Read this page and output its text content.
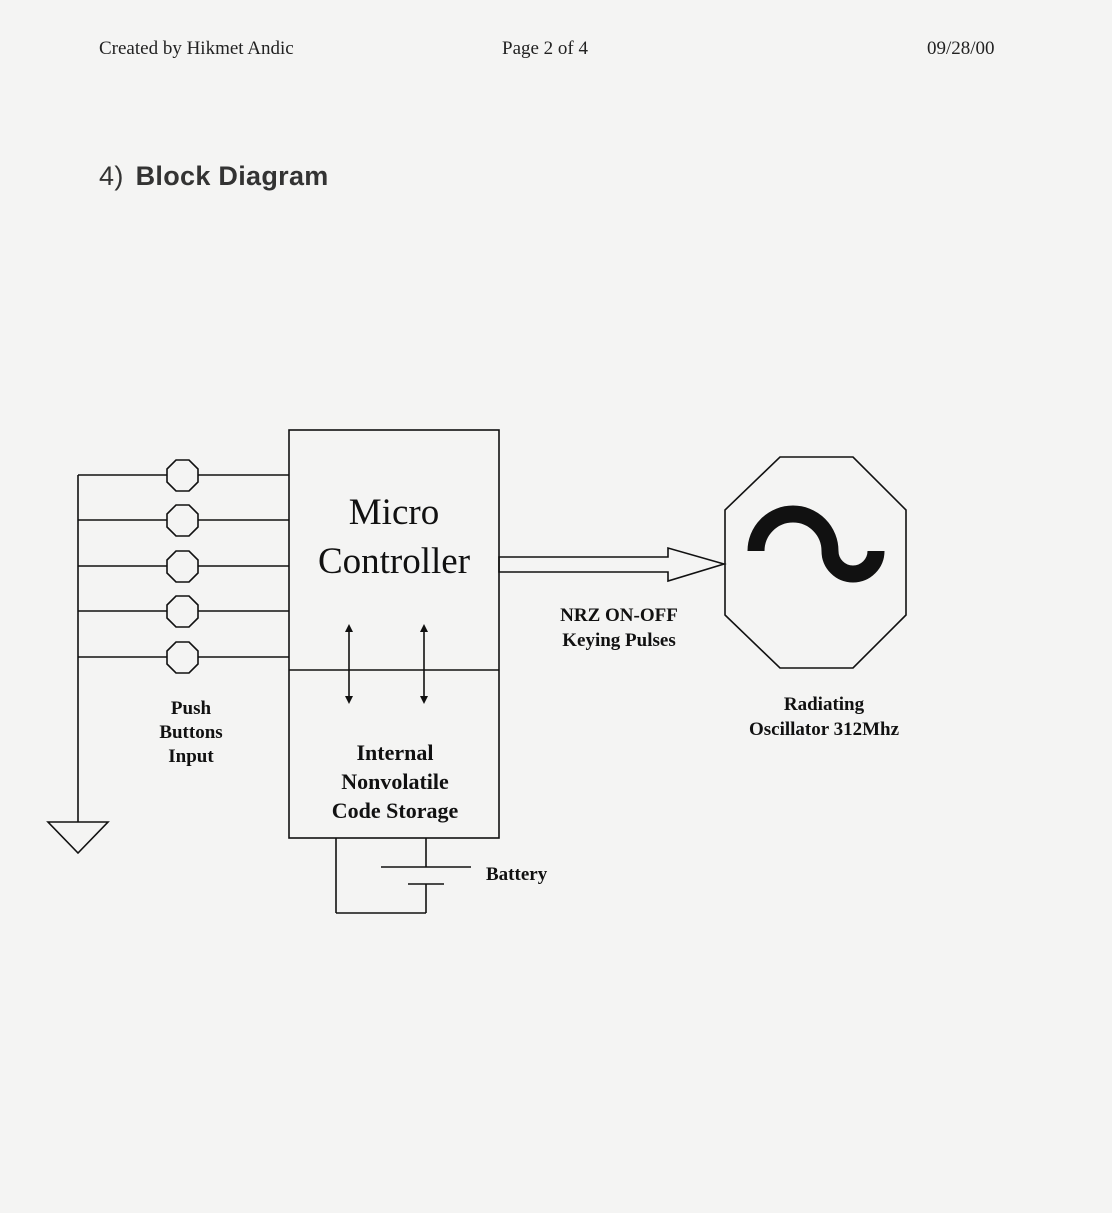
Created by Hikmet Andic	Page 2 of 4	09/28/00
4) Block Diagram
Micro
Controller
Internal
Nonvolatile
Code Storage
Push
Buttons
Input
NRZ ON-OFF
Keying Pulses
Radiating
Oscillator 312Mhz
Battery
